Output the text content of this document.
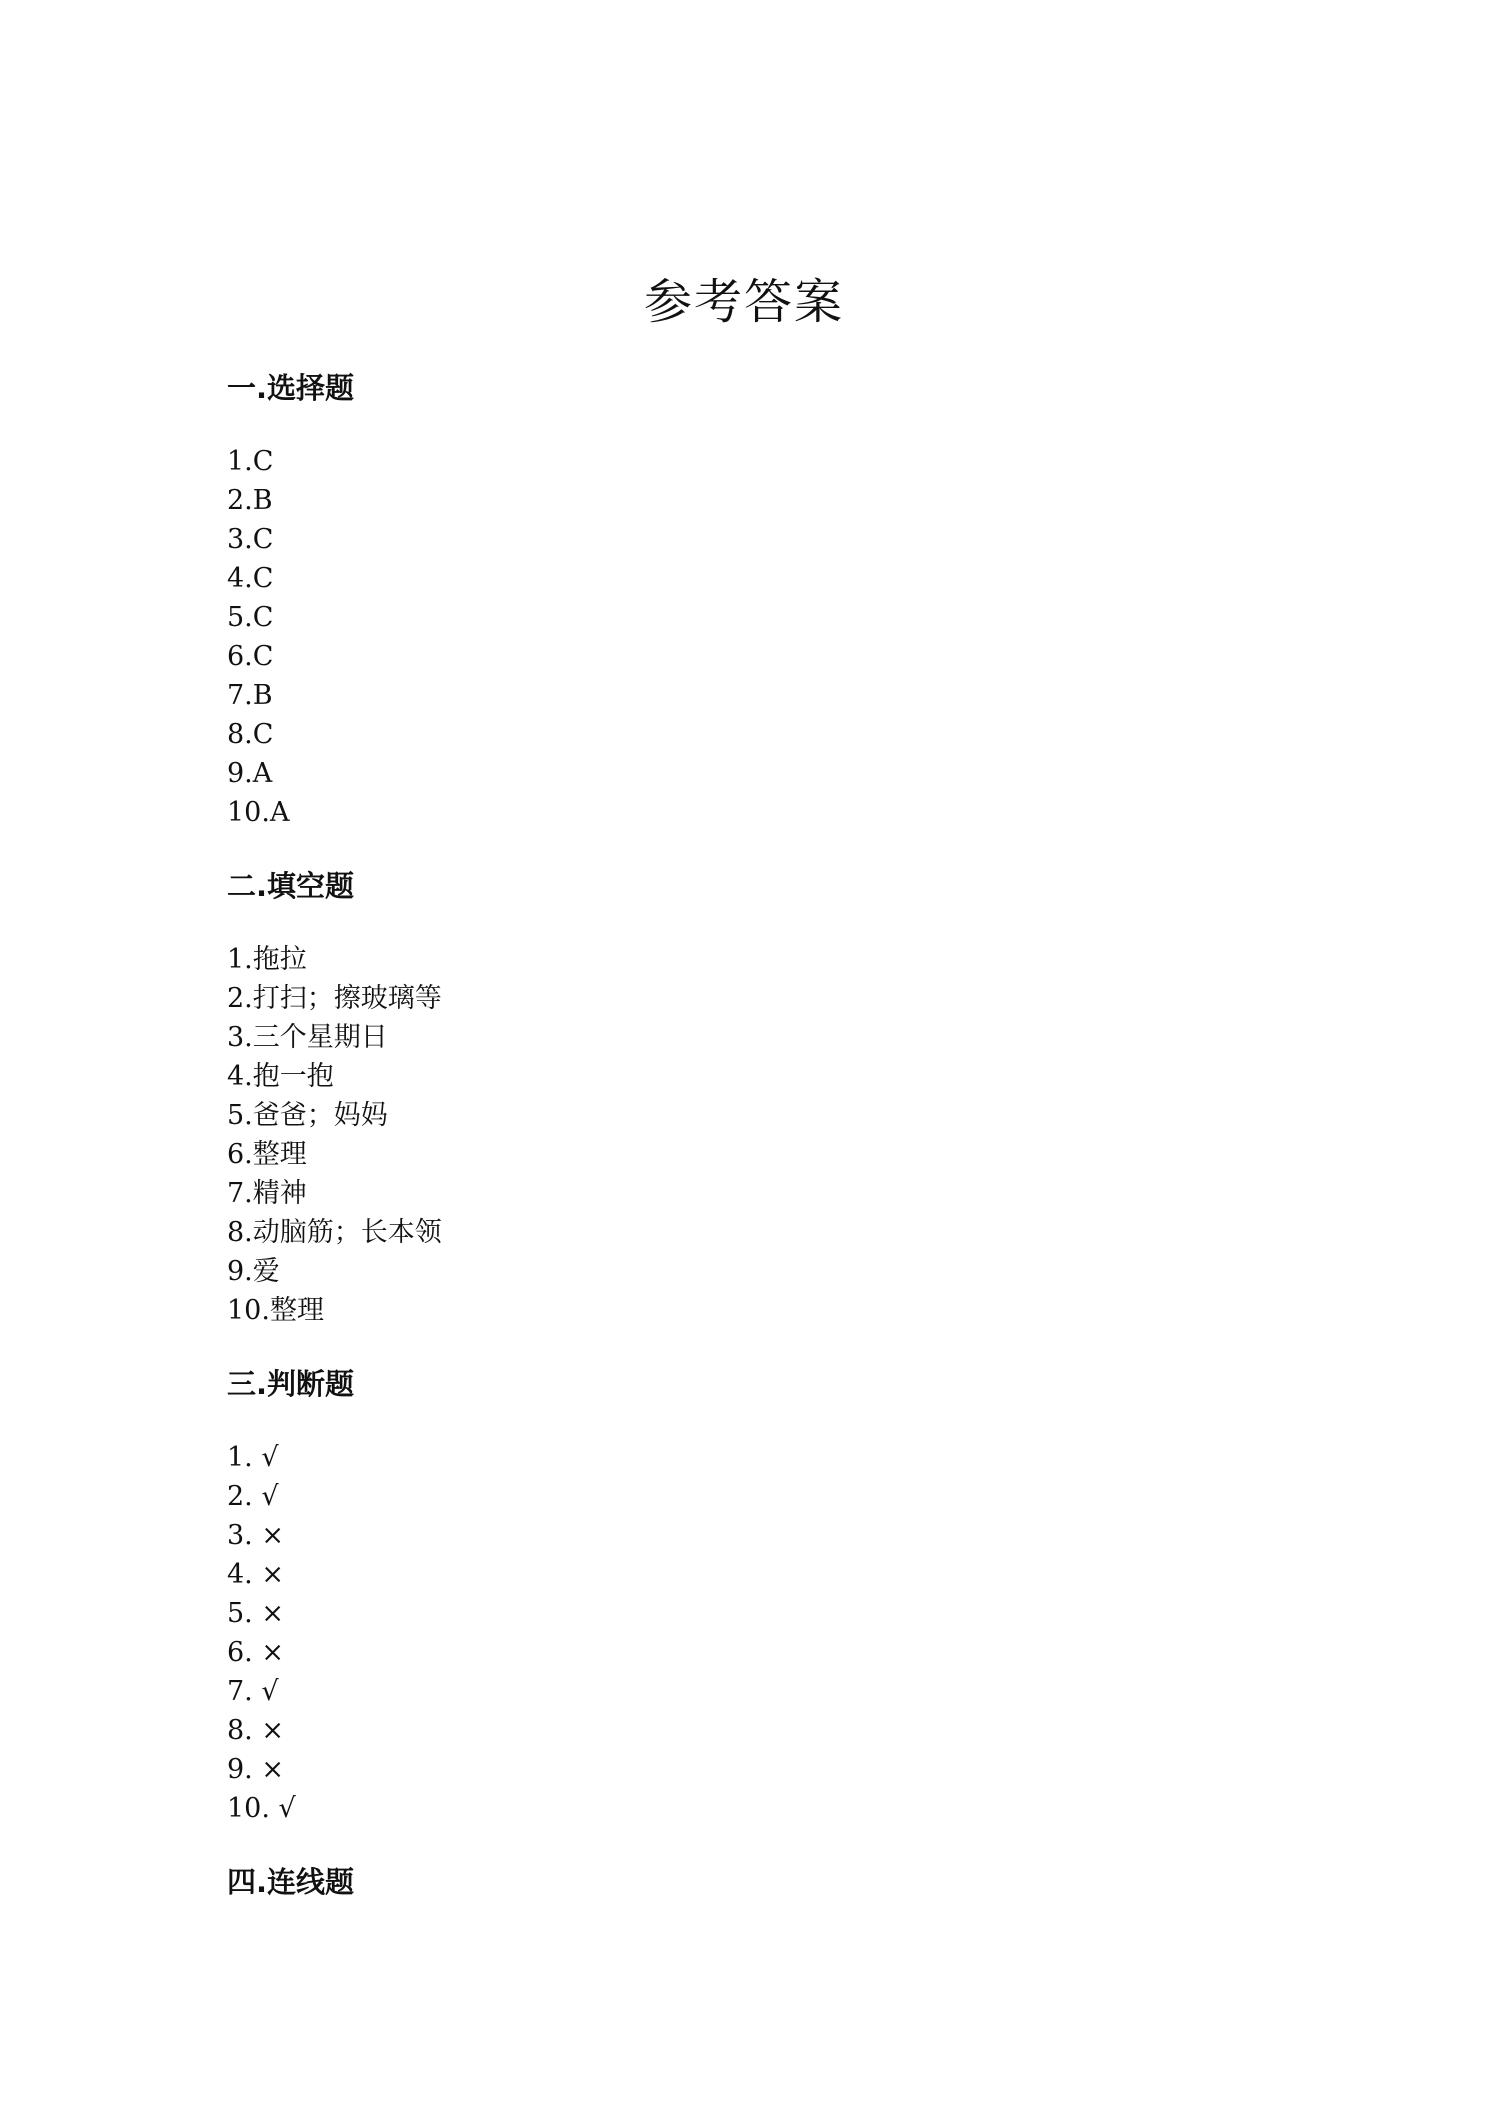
参考答案
一.选择题
1.C
2.B
3.C
4.C
5.C
6.C
7.B
8.C
9.A
10.A
二.填空题
1.拖拉
2.打扫；擦玻璃等
3.三个星期日
4.抱一抱
5.爸爸；妈妈
6.整理
7.精神
8.动脑筋；长本领
9.爱
10.整理
三.判断题
1. √
2. √
3. ×
4. ×
5. ×
6. ×
7. √
8. ×
9. ×
10. √
四.连线题
